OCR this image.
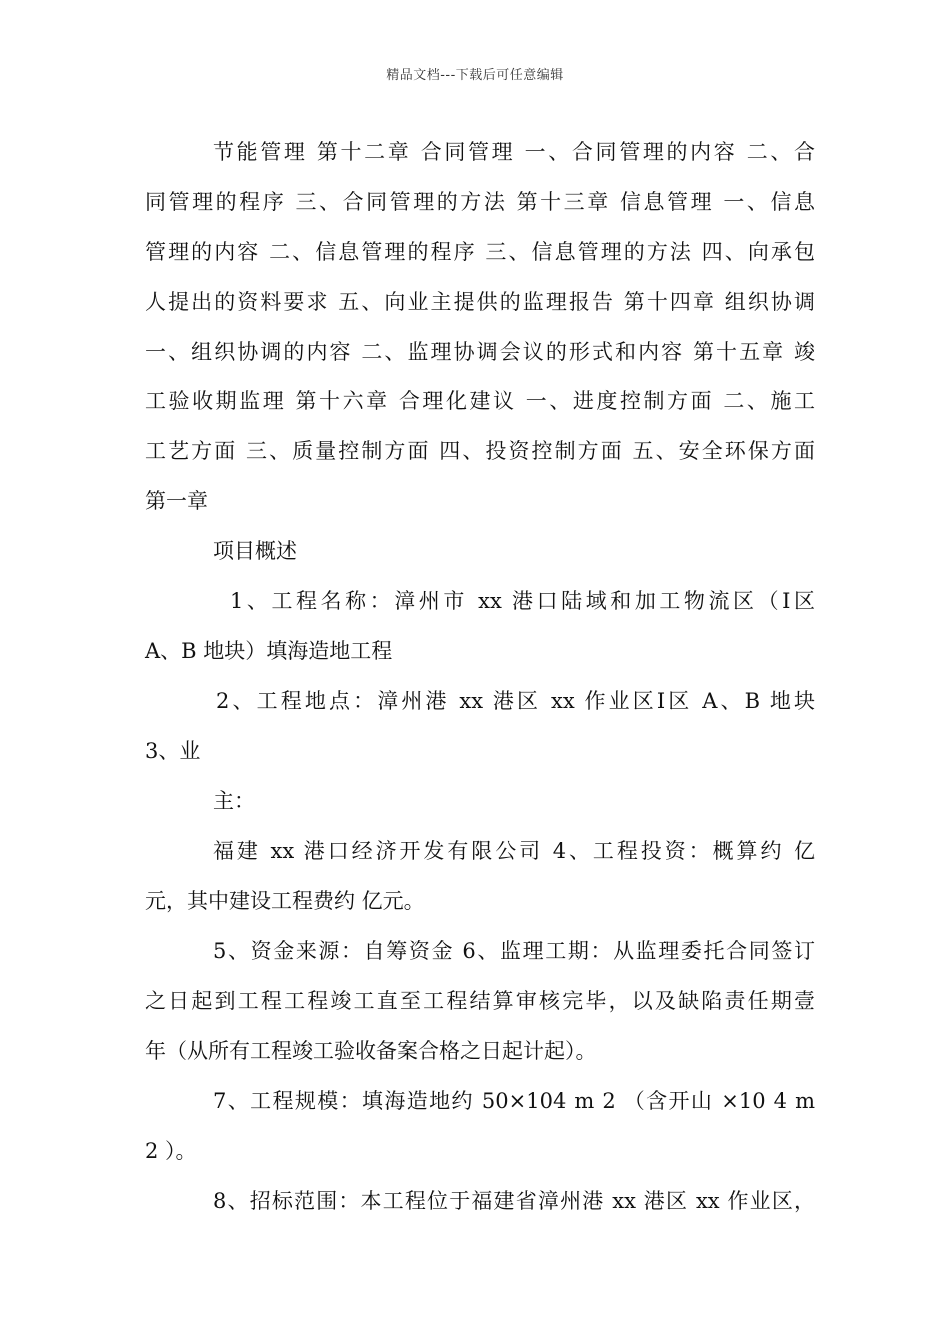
精品文档---下载后可任意编辑
节能管理 第十二章 合同管理 一、合同管理的内容 二、合
同管理的程序 三、合同管理的方法 第十三章 信息管理 一、信息
管理的内容 二、信息管理的程序 三、信息管理的方法 四、向承包
人提出的资料要求 五、向业主提供的监理报告 第十四章 组织协调
一、组织协调的内容 二、监理协调会议的形式和内容 第十五章 竣
工验收期监理 第十六章 合理化建议 一、进度控制方面 二、施工
工艺方面 三、质量控制方面 四、投资控制方面 五、安全环保方面
第一章
项目概述
1、工程名称：漳州市 xx 港口陆域和加工物流区（Ⅰ区
A、B 地块）填海造地工程
2、工程地点：漳州港 xx 港区 xx 作业区Ⅰ区 A、B 地块
3、业
主：
福建 xx 港口经济开发有限公司 4、工程投资：概算约 亿
元，其中建设工程费约 亿元。
5、资金来源：自筹资金 6、监理工期：从监理委托合同签订
之日起到工程工程竣工直至工程结算审核完毕，以及缺陷责任期壹
年（从所有工程竣工验收备案合格之日起计起）。
7、工程规模：填海造地约 50×104 m 2 （含开山 ×10 4 m
2 ）。
8、招标范围：本工程位于福建省漳州港 xx 港区 xx 作业区，
